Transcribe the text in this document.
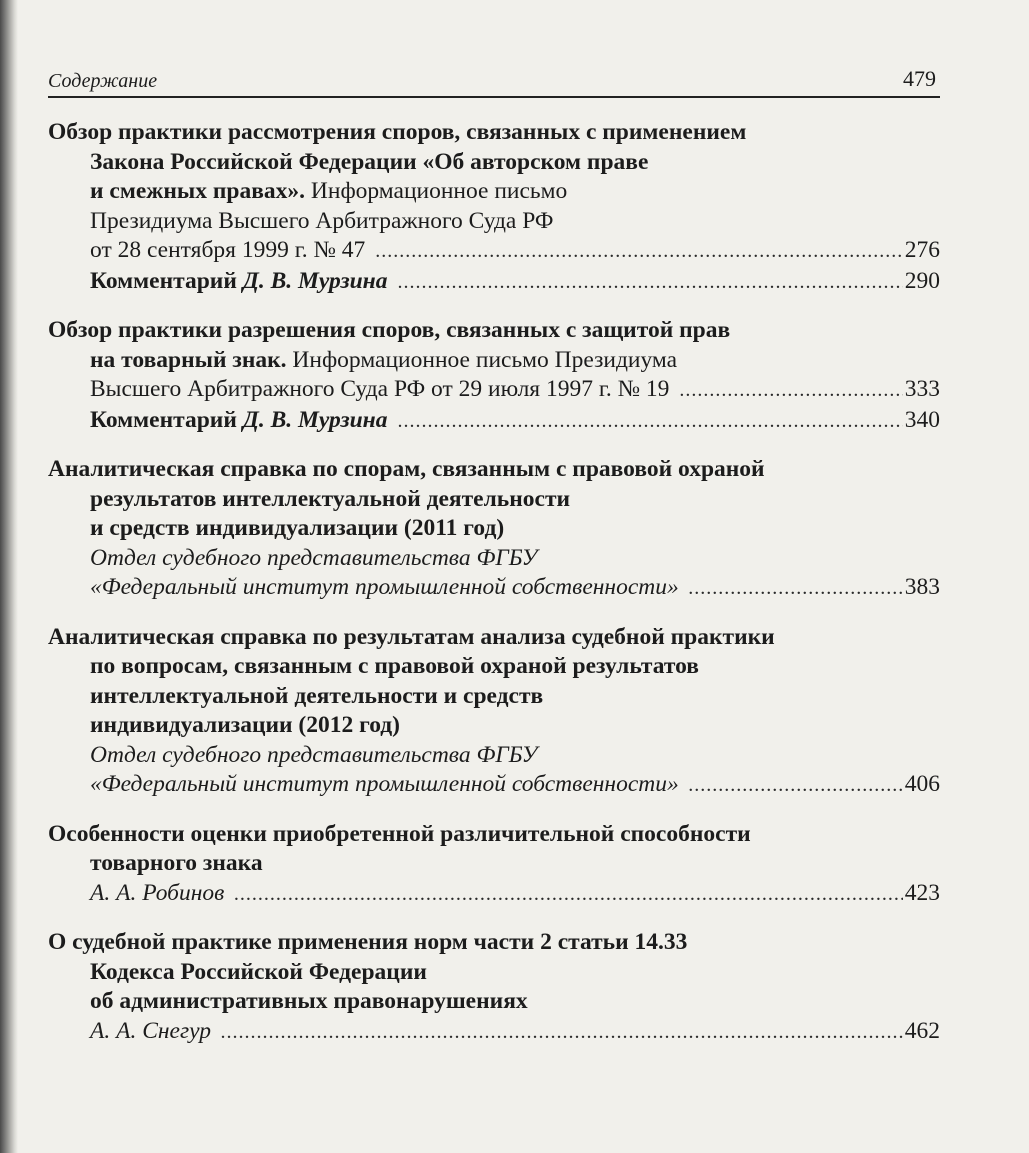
Содержание	479
Обзор практики рассмотрения споров, связанных с применением
Закона Российской Федерации «Об авторском праве
и смежных правах». Информационное письмо
Президиума Высшего Арбитражного Суда РФ
от 28 сентября 1999 г. № 47 .....	276
Комментарий
Д. В. Мурзина .....	290
Обзор практики разрешения споров, связанных с защитой прав
на товарный знак. Информационное письмо Президиума
Высшего Арбитражного Суда РФ от 29 июля 1997 г. № 19 .....	333
Комментарий
Д. В. Мурзина .....	340
Аналитическая справка по спорам, связанным с правовой охраной
результатов интеллектуальной деятельности
и средств индивидуализации (2011 год)
Отдел судебного представительства ФГБУ
«Федеральный институт промышленной собственности» .....	383
Аналитическая справка по результатам анализа судебной практики
по вопросам, связанным с правовой охраной результатов
интеллектуальной деятельности и средств
индивидуализации (2012 год)
Отдел судебного представительства ФГБУ
«Федеральный институт промышленной собственности» .....	406
Особенности оценки приобретенной различительной способности
товарного знака
А. А. Робинов .....	423
О судебной практике применения норм части 2 статьи 14.33
Кодекса Российской Федерации
об административных правонарушениях
А. А. Снегур .....	462
